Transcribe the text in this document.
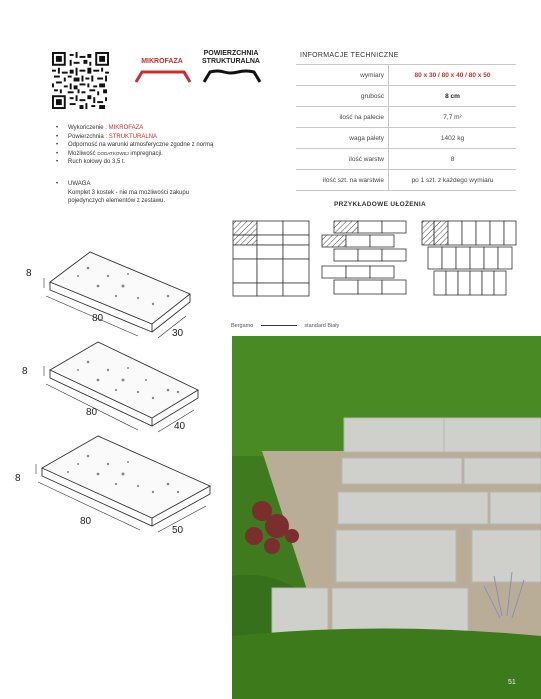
MIKROFAZA
POWIERZCHNIA
STRUKTURALNA
INFORMACJE TECHNICZNE
wymiary	80 x 30 / 80 x 40 / 80 x 50
grubość	8 cm
ilość na palecie	7,7 m²
waga palety	1402 kg
ilość warstw	8
ilość szt. na warstwie	po 1 szt. z każdego wymiaru
• Wykończenie : MIKROFAZA
• Powierzchnia : STRUKTURALNA
• Odporność na warunki atmosferyczne zgodne z normą
• Możliwość DODATKOWEJ impregnacji.
• Ruch kołowy do 3,5 t.
• UWAGA
Komplet 3 kostek - nie ma możliwości zakupu
pojedynczych elementów z zestawu.	PRZYKŁADOWE UŁOŻENIA
8
80
30
8
80
40
8
80
50
Bergamo	standard Biały
51
